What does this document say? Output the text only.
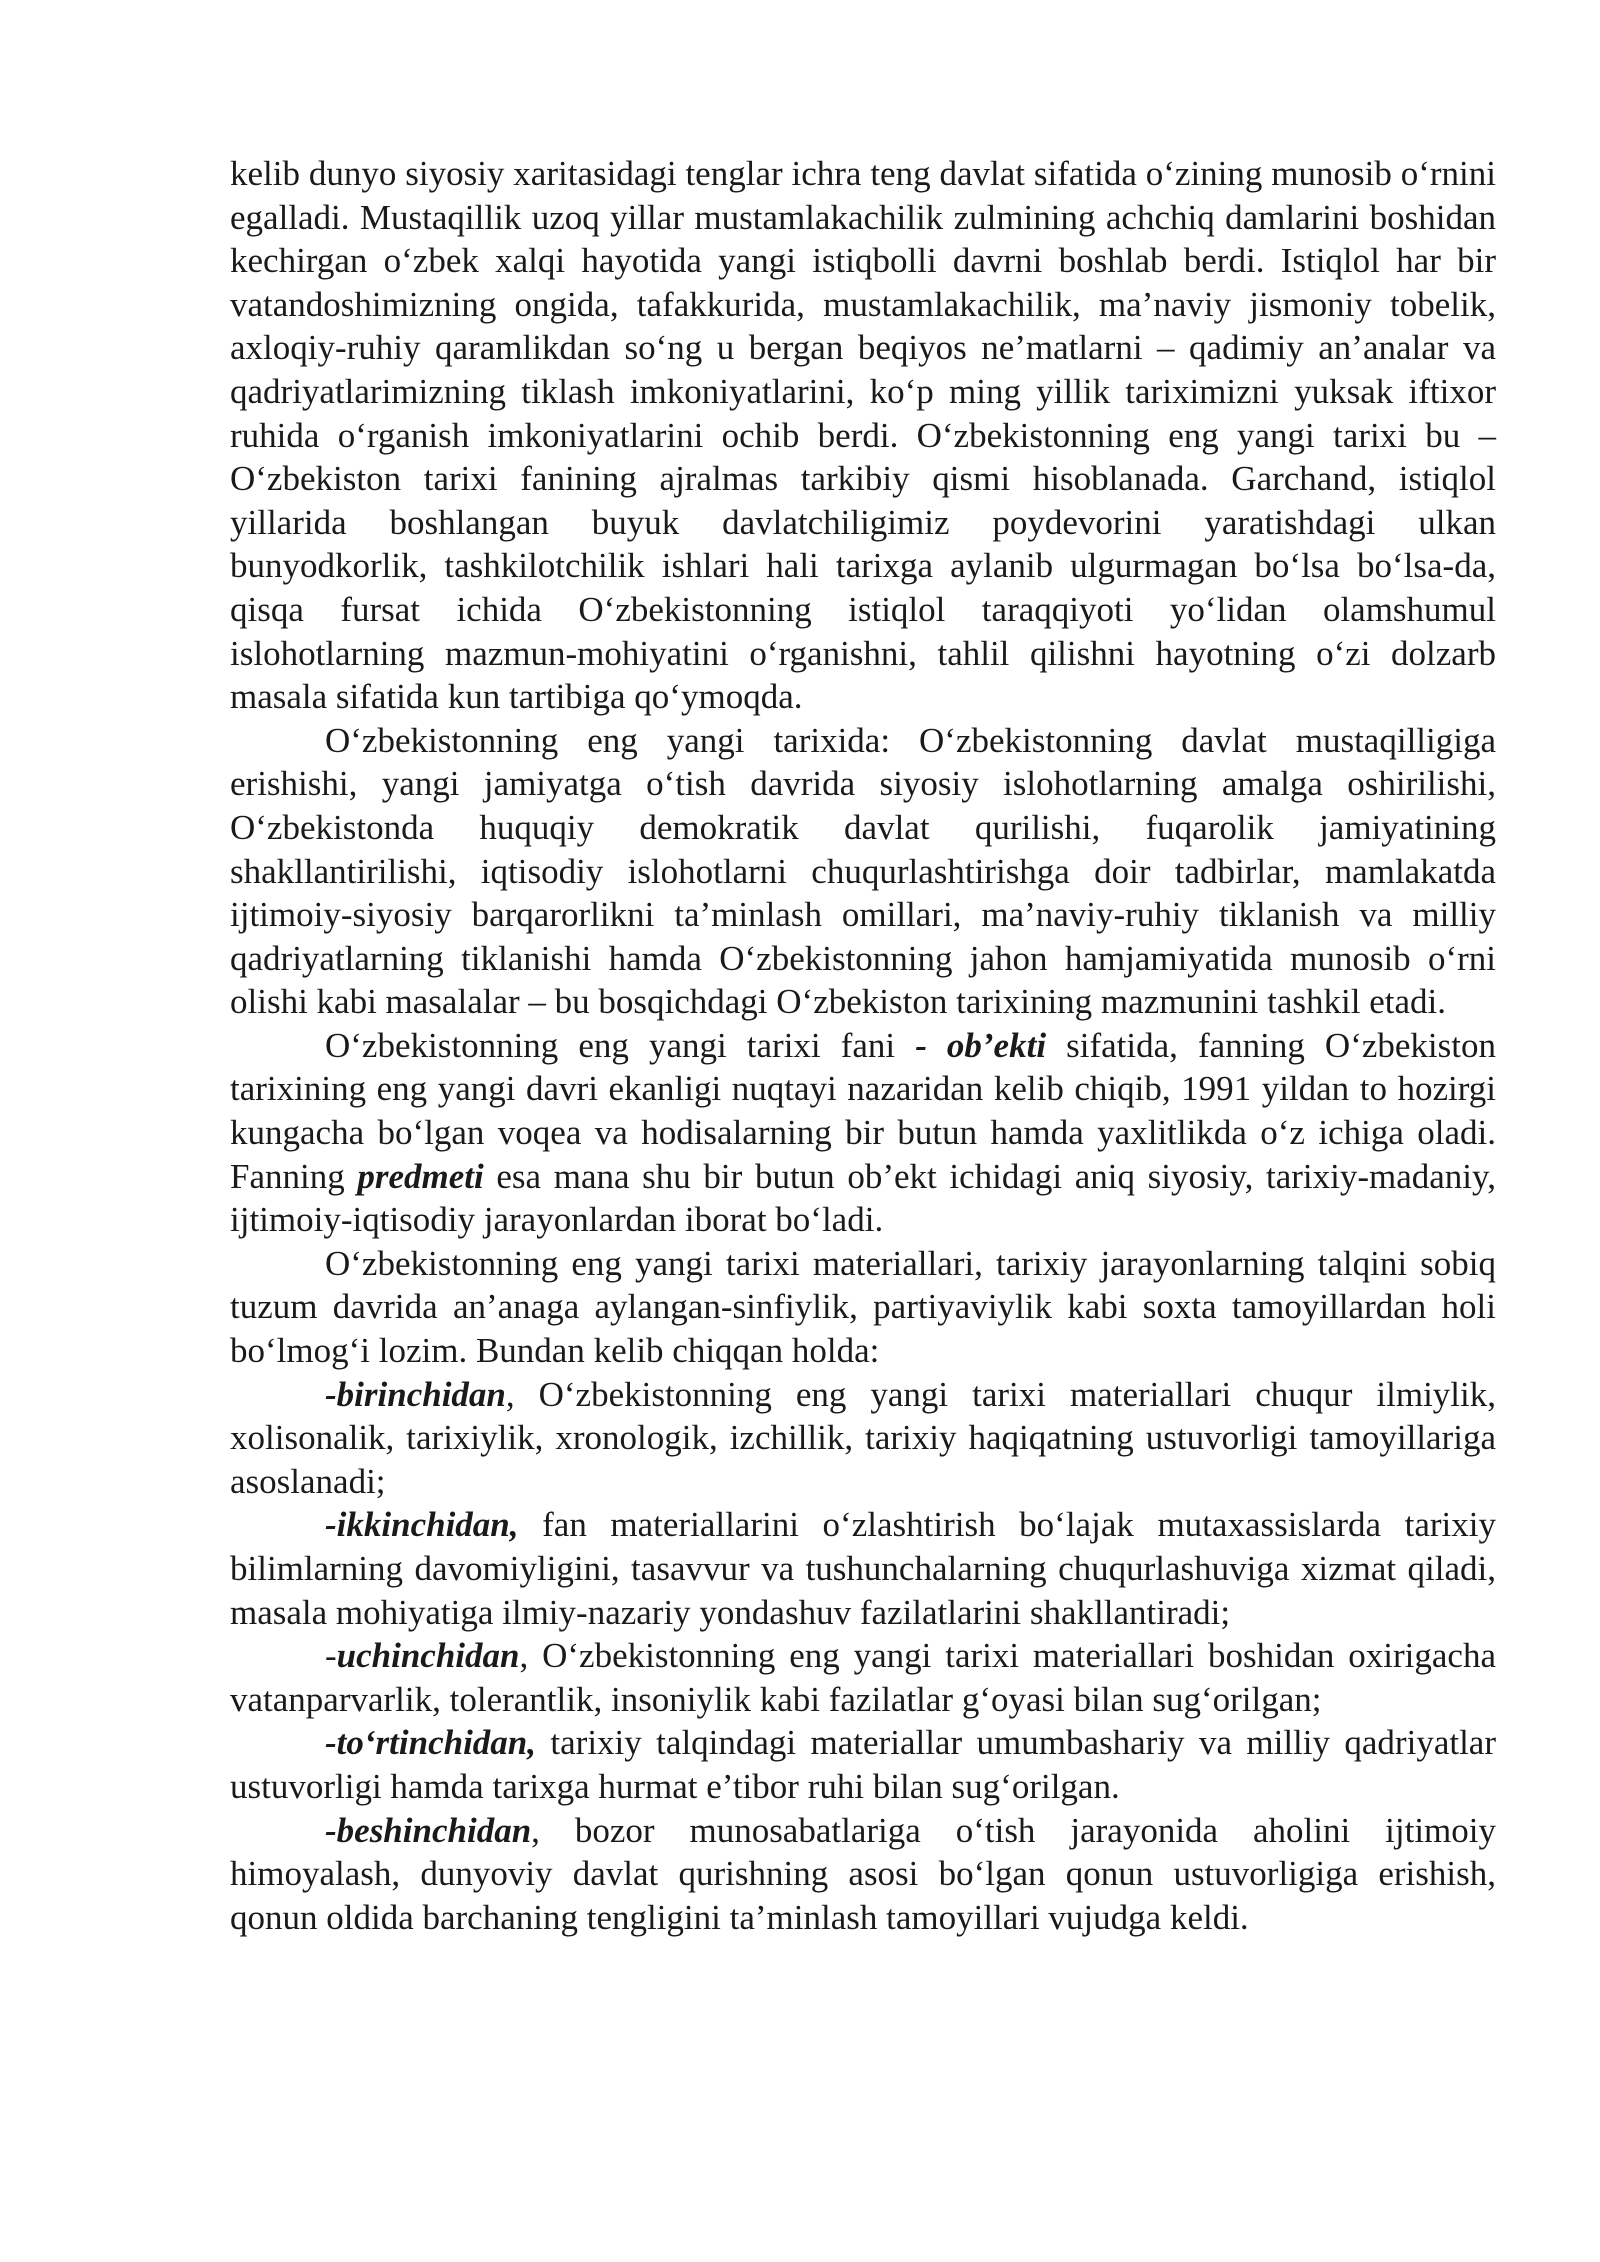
kelib dunyo siyosiy xaritasidagi tenglar ichra teng davlat sifatida o‘zining munosib o‘rnini egalladi. Mustaqillik uzoq yillar mustamlakachilik zulmining achchiq damlarini boshidan kechirgan o‘zbek xalqi hayotida yangi istiqbolli davrni boshlab berdi. Istiqlol har bir vatandoshimizning ongida, tafakkurida, mustamlakachilik, ma’naviy jismoniy tobelik, axloqiy-ruhiy qaramlikdan so‘ng u bergan beqiyos ne’matlarni – qadimiy an’analar va qadriyatlarimizning tiklash imkoniyatlarini, ko‘p ming yillik tariximizni yuksak iftixor ruhida o‘rganish imkoniyatlarini ochib berdi. O‘zbekistonning eng yangi tarixi bu – O‘zbekiston tarixi fanining ajralmas tarkibiy qismi hisoblanada. Garchand, istiqlol yillarida boshlangan buyuk davlatchiligimiz poydevorini yaratishdagi ulkan bunyodkorlik, tashkilotchilik ishlari hali tarixga aylanib ulgurmagan bo‘lsa bo‘lsa-da, qisqa fursat ichida O‘zbekistonning istiqlol taraqqiyoti yo‘lidan olamshumul islohotlarning mazmun-mohiyatini o‘rganishni, tahlil qilishni hayotning o‘zi dolzarb masala sifatida kun tartibiga qo‘ymoqda.

O‘zbekistonning eng yangi tarixida: O‘zbekistonning davlat mustaqilligiga erishishi, yangi jamiyatga o‘tish davrida siyosiy islohotlarning amalga oshirilishi, O‘zbekistonda huquqiy demokratik davlat qurilishi, fuqarolik jamiyatining shakllantirilishi, iqtisodiy islohotlarni chuqurlashtirishga doir tadbirlar, mamlakatda ijtimoiy-siyosiy barqarorlikni ta’minlash omillari, ma’naviy-ruhiy tiklanish va milliy qadriyatlarning tiklanishi hamda O‘zbekistonning jahon hamjamiyatida munosib o‘rni olishi kabi masalalar – bu bosqichdagi O‘zbekiston tarixining mazmunini tashkil etadi.

O‘zbekistonning eng yangi tarixi fani - ob’ekti sifatida, fanning O‘zbekiston tarixining eng yangi davri ekanligi nuqtayi nazaridan kelib chiqib, 1991 yildan to hozirgi kungacha bo‘lgan voqea va hodisalarning bir butun hamda yaxlitlikda o‘z ichiga oladi. Fanning predmeti esa mana shu bir butun ob’ekt ichidagi aniq siyosiy, tarixiy-madaniy, ijtimoiy-iqtisodiy jarayonlardan iborat bo‘ladi.

O‘zbekistonning eng yangi tarixi materiallari, tarixiy jarayonlarning talqini sobiq tuzum davrida an’anaga aylangan-sinfiylik, partiyaviylik kabi soxta tamoyillardan holi bo‘lmog‘i lozim. Bundan kelib chiqqan holda:

-birinchidan, O‘zbekistonning eng yangi tarixi materiallari chuqur ilmiylik, xolisonalik, tarixiylik, xronologik, izchillik, tarixiy haqiqatning ustuvorligi tamoyillariga asoslanadi;

-ikkinchidan, fan materiallarini o‘zlashtirish bo‘lajak mutaxassislarda tarixiy bilimlarning davomiyligini, tasavvur va tushunchalarning chuqurlashuviga xizmat qiladi, masala mohiyatiga ilmiy-nazariy yondashuv fazilatlarini shakllantiradi;

-uchinchidan, O‘zbekistonning eng yangi tarixi materiallari boshidan oxirigacha vatanparvarlik, tolerantlik, insoniylik kabi fazilatlar g‘oyasi bilan sug‘orilgan;

-to‘rtinchidan, tarixiy talqindagi materiallar umumbashariy va milliy qadriyatlar ustuvorligi hamda tarixga hurmat e’tibor ruhi bilan sug‘orilgan.

-beshinchidan, bozor munosabatlariga o‘tish jarayonida aholini ijtimoiy himoyalash, dunyoviy davlat qurishning asosi bo‘lgan qonun ustuvorligiga erishish, qonun oldida barchaning tengligini ta’minlash tamoyillari vujudga keldi.
